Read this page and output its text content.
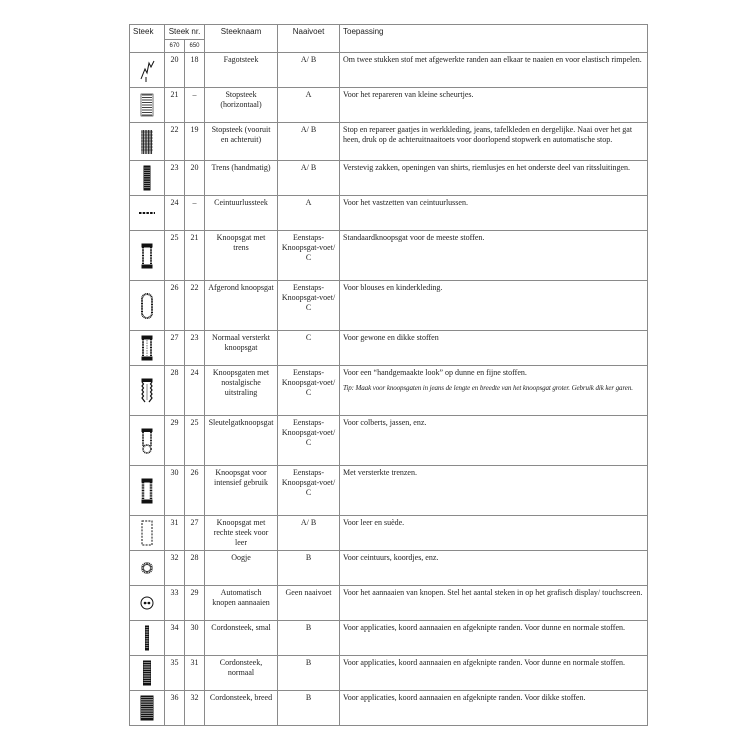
Steek	Steek nr.		Steeknaam	Naaivoet	Toepassing
	670	650			

	20	18	Fagotsteek	A/ B	Om twee stukken stof met afgewerkte randen aan elkaar te naaien en voor elastisch rimpelen.

	21	–	Stopsteek (horizontaal)	A	Voor het repareren van kleine scheurtjes.

	22	19	Stopsteek (vooruit en achteruit)	A/ B	Stop en repareer gaatjes in werkkleding, jeans, tafelkleden en dergelijke. Naai over het gat heen, druk op de achteruitnaaitoets voor doorlopend stopwerk en automatische stop.

	23	20	Trens (handmatig)	A/ B	Verstevig zakken, openingen van shirts, riemlusjes en het onderste deel van ritssluitingen.

	24	–	Ceintuurlussteek	A	Voor het vastzetten van ceintuurlussen.

	25	21	Knoopsgat met trens	Eenstaps-Knoopsgat-voet/ C	Standaardknoopsgat voor de meeste stoffen.

	26	22	Afgerond knoopsgat	Eenstaps-Knoopsgat-voet/ C	Voor blouses en kinderkleding.

	27	23	Normaal versterkt knoopsgat	C	Voor gewone en dikke stoffen

	28	24	Knoopsgaten met nostalgische uitstraling	Eenstaps-Knoopsgat-voet/ C	Voor een “handgemaakte look” op dunne en fijne stoffen.
Tip: Maak voor knoopsgaten in jeans de lengte en breedte van het knoopsgat groter. Gebruik dik ker garen.

	29	25	Sleutelgatknoopsgat	Eenstaps-Knoopsgat-voet/ C	Voor colberts, jassen, enz.

	30	26	Knoopsgat voor intensief gebruik	Eenstaps-Knoopsgat-voet/ C	Met versterkte trenzen.

	31	27	Knoopsgat met rechte steek voor leer	A/ B	Voor leer en suède.

	32	28	Oogje	B	Voor ceintuurs, koordjes, enz.

	33	29	Automatisch knopen aannaaien	Geen naaivoet	Voor het aannaaien van knopen. Stel het aantal steken in op het grafisch display/ touchscreen.

	34	30	Cordonsteek, smal	B	Voor applicaties, koord aannaaien en afgeknipte randen. Voor dunne en normale stoffen.

	35	31	Cordonsteek, normaal	B	Voor applicaties, koord aannaaien en afgeknipte randen. Voor dunne en normale stoffen.

	36	32	Cordonsteek, breed	B	Voor applicaties, koord aannaaien en afgeknipte randen. Voor dikke stoffen.
